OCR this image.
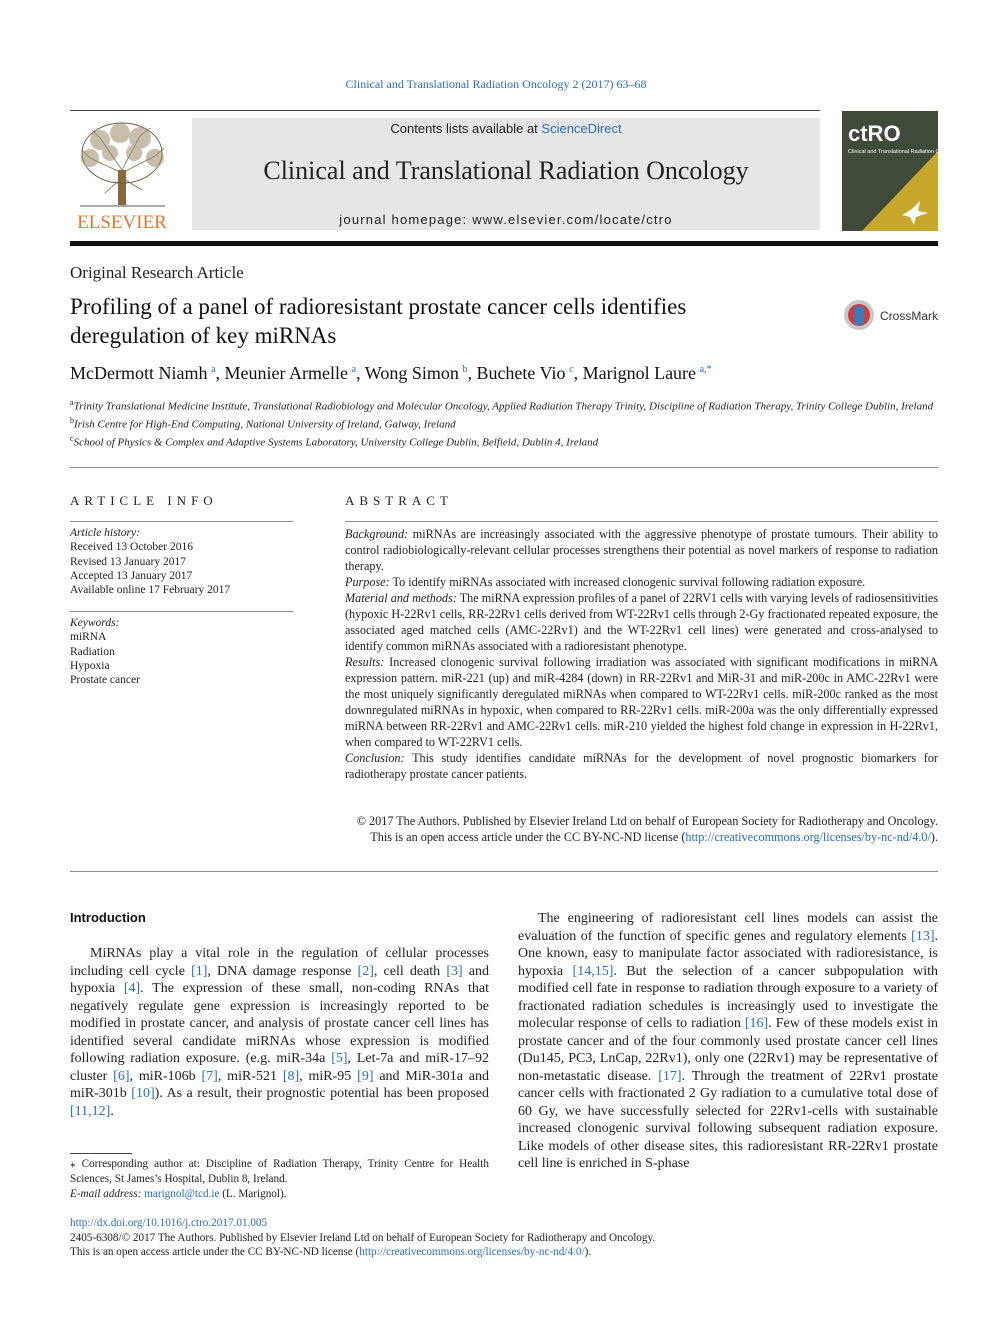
Clinical and Translational Radiation Oncology 2 (2017) 63–68
ELSEVIER
Contents lists available at ScienceDirect
Clinical and Translational Radiation Oncology
journal homepage: www.elsevier.com/locate/ctro
ctRO
Clinical and Translational Radiation Oncology
Original Research Article
Profiling of a panel of radioresistant prostate cancer cells identifies deregulation of key miRNAs
CrossMark
McDermott Niamh  $^a$, Meunier Armelle  $^a$, Wong Simon  $^b$, Buchete Vio  $^c$, Marignol Laure  $^{a,*}$
$^a$Trinity Translational Medicine Institute, Translational Radiobiology and Molecular Oncology, Applied Radiation Therapy Trinity, Discipline of Radiation Therapy, Trinity College Dublin, Ireland
$^b$Irish Centre for High-End Computing, National University of Ireland, Galway, Ireland
$^c$School of Physics & Complex and Adaptive Systems Laboratory, University College Dublin, Belfield, Dublin 4, Ireland
ARTICLE INFO
Article history:
Received 13 October 2016
Revised 13 January 2017
Accepted 13 January 2017
Available online 17 February 2017
Keywords:
miRNA
Radiation
Hypoxia
Prostate cancer
ABSTRACT

Background: miRNAs are increasingly associated with the aggressive phenotype of prostate tumours. Their ability to control radiobiologically-relevant cellular processes strengthens their potential as novel markers of response to radiation therapy.

Purpose: To identify miRNAs associated with increased clonogenic survival following radiation exposure.

Material and methods: The miRNA expression profiles of a panel of 22RV1 cells with varying levels of radiosensitivities (hypoxic H-22Rv1 cells, RR-22Rv1 cells derived from WT-22Rv1 cells through 2-Gy fractionated repeated exposure, the associated aged matched cells (AMC-22Rv1) and the WT-22Rv1 cell lines) were generated and cross-analysed to identify common miRNAs associated with a radioresistant phenotype.

Results: Increased clonogenic survival following irradiation was associated with significant modifications in miRNA expression pattern. miR-221 (up) and miR-4284 (down) in RR-22Rv1 and MiR-31 and miR-200c in AMC-22Rv1 were the most uniquely significantly deregulated miRNAs when compared to WT-22Rv1 cells. miR-200c ranked as the most downregulated miRNAs in hypoxic, when compared to RR-22Rv1 cells. miR-200a was the only differentially expressed miRNA between RR-22Rv1 and AMC-22Rv1 cells. miR-210 yielded the highest fold change in expression in H-22Rv1, when compared to WT-22RV1 cells.

Conclusion: This study identifies candidate miRNAs for the development of novel prognostic biomarkers for radiotherapy prostate cancer patients.

© 2017 The Authors. Published by Elsevier Ireland Ltd on behalf of European Society for Radiotherapy and Oncology. This is an open access article under the CC BY-NC-ND license (http://creativecommons.org/licenses/by-nc-nd/4.0/).
Introduction

MiRNAs play a vital role in the regulation of cellular processes including cell cycle [1], DNA damage response [2], cell death [3] and hypoxia [4]. The expression of these small, non-coding RNAs that negatively regulate gene expression is increasingly reported to be modified in prostate cancer, and analysis of prostate cancer cell lines has identified several candidate miRNAs whose expression is modified following radiation exposure. (e.g. miR-34a [5], Let-7a and miR-17–92 cluster [6], miR-106b [7], miR-521 [8], miR-95 [9] and MiR-301a and miR-301b [10]). As a result, their prognostic potential has been proposed [11,12].

The engineering of radioresistant cell lines models can assist the evaluation of the function of specific genes and regulatory elements [13]. One known, easy to manipulate factor associated with radioresistance, is hypoxia [14,15]. But the selection of a cancer subpopulation with modified cell fate in response to radiation through exposure to a variety of fractionated radiation schedules is increasingly used to investigate the molecular response of cells to radiation [16]. Few of these models exist in prostate cancer and of the four commonly used prostate cancer cell lines (Du145, PC3, LnCap, 22Rv1), only one (22Rv1) may be representative of non-metastatic disease. [17]. Through the treatment of 22Rv1 prostate cancer cells with fractionated 2 Gy radiation to a cumulative total dose of 60 Gy, we have successfully selected for 22Rv1-cells with sustainable increased clonogenic survival following subsequent radiation exposure. Like models of other disease sites, this radioresistant RR-22Rv1 prostate cell line is enriched in S-phase

⁎ Corresponding author at: Discipline of Radiation Therapy, Trinity Centre for Health Sciences, St James’s Hospital, Dublin 8, Ireland.
E-mail address: marignol@tcd.ie (L. Marignol).
http://dx.doi.org/10.1016/j.ctro.2017.01.005
2405-6308/© 2017 The Authors. Published by Elsevier Ireland Ltd on behalf of European Society for Radiotherapy and Oncology.
This is an open access article under the CC BY-NC-ND license (http://creativecommons.org/licenses/by-nc-nd/4.0/).
